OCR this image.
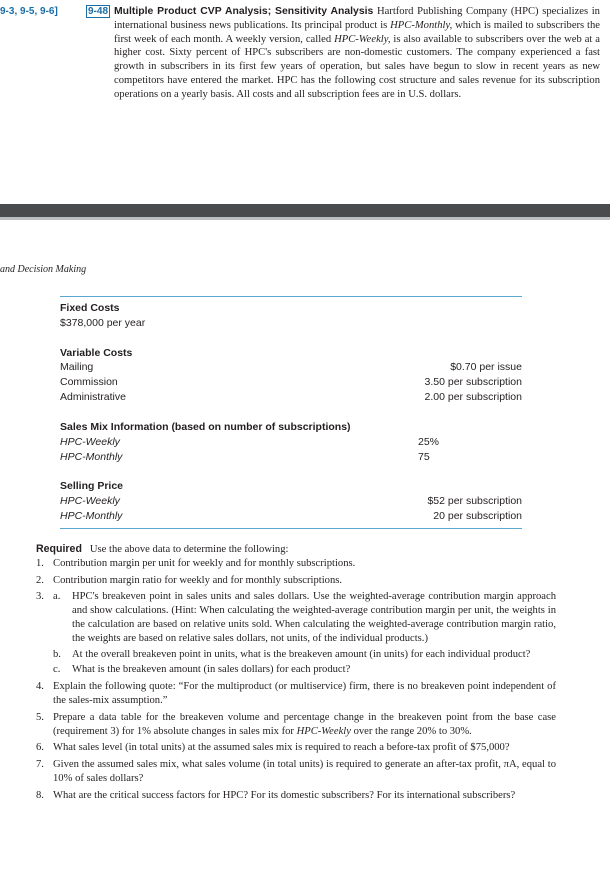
9-3, 9-5, 9-6]	9-48 Multiple Product CVP Analysis; Sensitivity Analysis Hartford Publishing Company (HPC) specializes in international business news publications. Its principal product is HPC-Monthly, which is mailed to subscribers the first week of each month. A weekly version, called HPC-Weekly, is also available to subscribers over the web at a higher cost. Sixty percent of HPC's subscribers are non-domestic customers. The company experienced a fast growth in subscribers in its first few years of operation, but sales have begun to slow in recent years as new competitors have entered the market. HPC has the following cost structure and sales revenue for its subscription operations on a yearly basis. All costs and all subscription fees are in U.S. dollars.
and Decision Making
Fixed Costs
$378,000 per year
Variable Costs
Mailing	$0.70 per issue
Commission	3.50 per subscription
Administrative	2.00 per subscription
Sales Mix Information (based on number of subscriptions)
HPC-Weekly	25%
HPC-Monthly	75
Selling Price
HPC-Weekly	$52 per subscription
HPC-Monthly	20 per subscription
Required Use the above data to determine the following:
1. Contribution margin per unit for weekly and for monthly subscriptions.
2. Contribution margin ratio for weekly and for monthly subscriptions.
3. a. HPC's breakeven point in sales units and sales dollars. Use the weighted-average contribution margin approach and show calculations. (Hint: When calculating the weighted-average contribution margin per unit, the weights in the calculation are based on relative units sold. When calculating the weighted-average contribution margin ratio, the weights are based on relative sales dollars, not units, of the individual products.)
b. At the overall breakeven point in units, what is the breakeven amount (in units) for each individual product?
c. What is the breakeven amount (in sales dollars) for each product?
4. Explain the following quote: “For the multiproduct (or multiservice) firm, there is no breakeven point independent of the sales-mix assumption.”
5. Prepare a data table for the breakeven volume and percentage change in the breakeven point from the base case (requirement 3) for 1% absolute changes in sales mix for HPC-Weekly over the range 20% to 30%.
6. What sales level (in total units) at the assumed sales mix is required to reach a before-tax profit of $75,000?
7. Given the assumed sales mix, what sales volume (in total units) is required to generate an after-tax profit, πA, equal to 10% of sales dollars?
8. What are the critical success factors for HPC? For its domestic subscribers? For its international subscribers?
